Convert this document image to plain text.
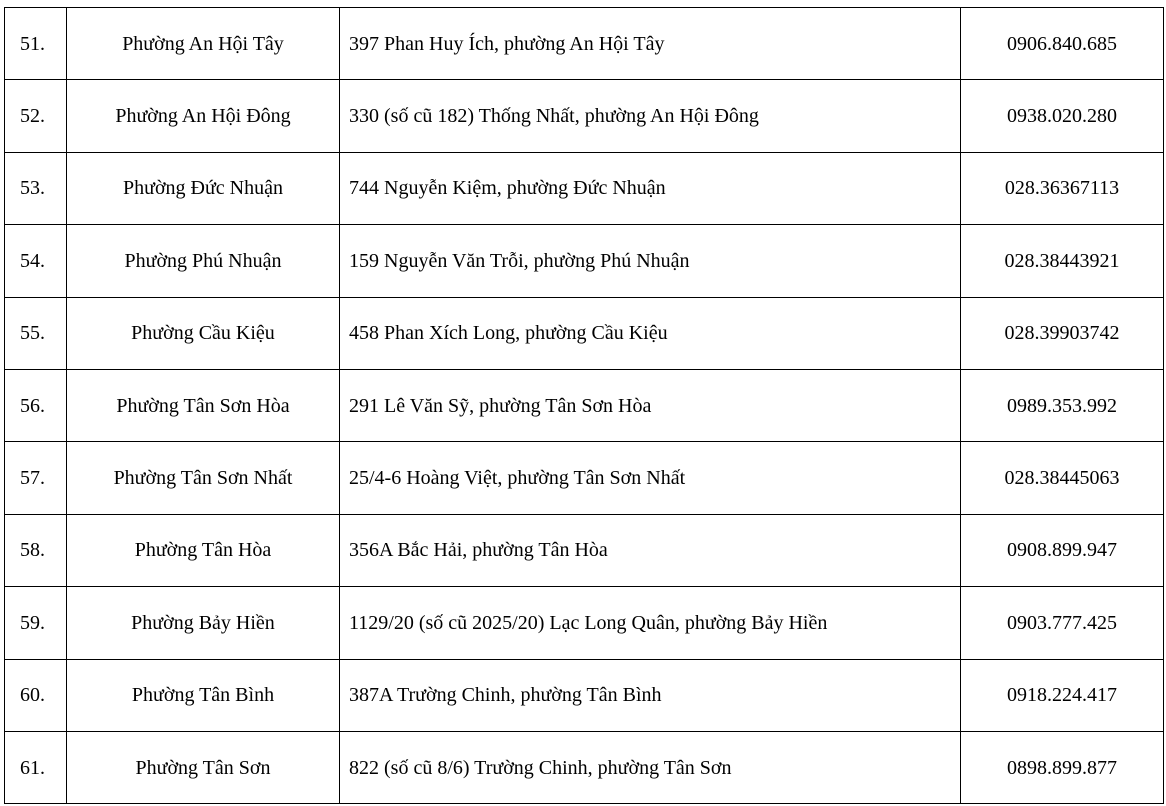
51.	Phường An Hội Tây	397 Phan Huy Ích, phường An Hội Tây	0906.840.685
52.	Phường An Hội Đông	330 (số cũ 182) Thống Nhất, phường An Hội Đông	0938.020.280
53.	Phường Đức Nhuận	744 Nguyễn Kiệm, phường Đức Nhuận	028.36367113
54.	Phường Phú Nhuận	159 Nguyễn Văn Trỗi, phường Phú Nhuận	028.38443921
55.	Phường Cầu Kiệu	458 Phan Xích Long, phường Cầu Kiệu	028.39903742
56.	Phường Tân Sơn Hòa	291 Lê Văn Sỹ, phường Tân Sơn Hòa	0989.353.992
57.	Phường Tân Sơn Nhất	25/4-6 Hoàng Việt, phường Tân Sơn Nhất	028.38445063
58.	Phường Tân Hòa	356A Bắc Hải, phường Tân Hòa	0908.899.947
59.	Phường Bảy Hiền	1129/20 (số cũ 2025/20) Lạc Long Quân, phường Bảy Hiền	0903.777.425
60.	Phường Tân Bình	387A Trường Chinh, phường Tân Bình	0918.224.417
61.	Phường Tân Sơn	822 (số cũ 8/6) Trường Chinh, phường Tân Sơn	0898.899.877
